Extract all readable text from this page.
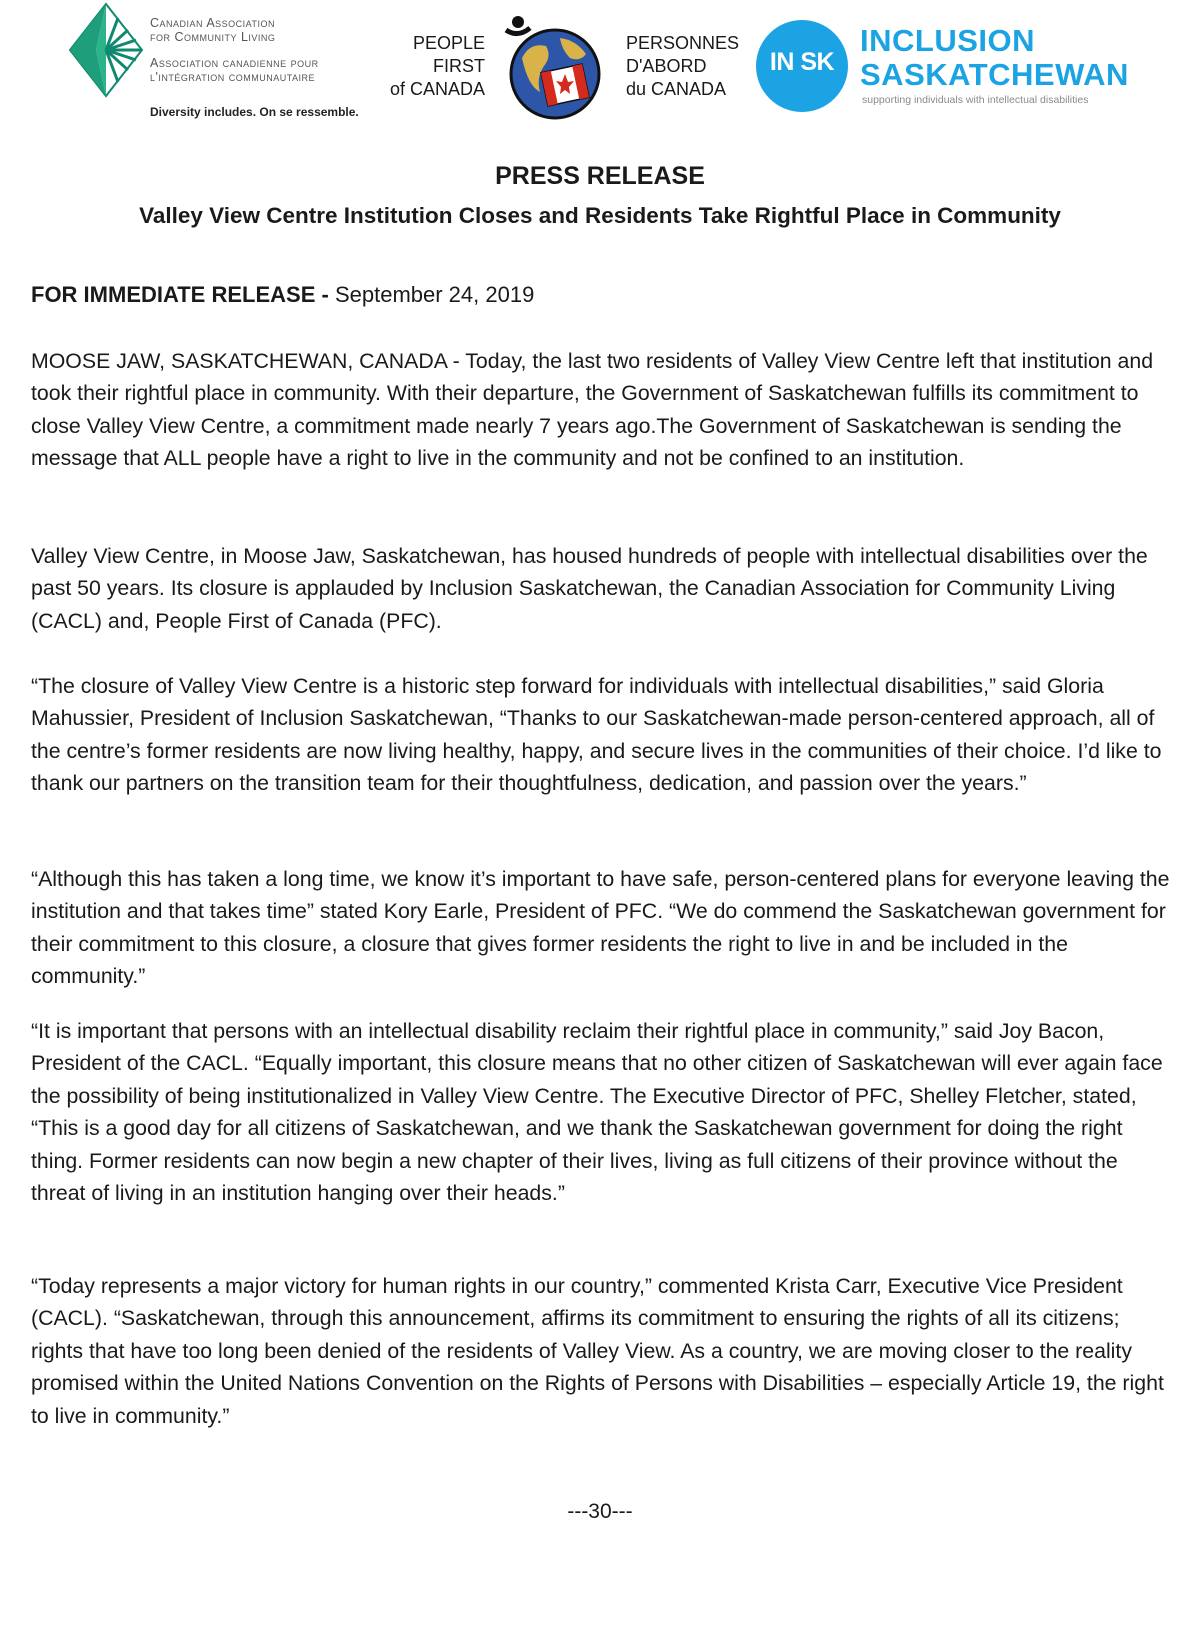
Canadian Association
for Community Living
Association canadienne pour
l'intégration communautaire
Diversity includes. On se ressemble.
PEOPLE
FIRST
of CANADA
PERSONNES
D'ABORD
du CANADA
IN SK
INCLUSION
SASKATCHEWAN
supporting individuals with intellectual disabilities
PRESS RELEASE
Valley View Centre Institution Closes and Residents Take Rightful Place in Community
FOR IMMEDIATE RELEASE - September 24, 2019

MOOSE JAW, SASKATCHEWAN, CANADA - Today, the last two residents of Valley View Centre left that institution and took their rightful place in community. With their departure, the Government of Saskatchewan fulfills its commitment to close Valley View Centre, a commitment made nearly 7 years ago.The Government of Saskatchewan is sending the message that ALL people have a right to live in the community and not be confined to an institution.

Valley View Centre, in Moose Jaw, Saskatchewan, has housed hundreds of people with intellectual disabilities over the past 50 years. Its closure is applauded by Inclusion Saskatchewan, the Canadian Association for Community Living (CACL) and, People First of Canada (PFC).

“The closure of Valley View Centre is a historic step forward for individuals with intellectual disabilities,” said Gloria Mahussier, President of Inclusion Saskatchewan, “Thanks to our Saskatchewan-made person-centered approach, all of the centre’s former residents are now living healthy, happy, and secure lives in the communities of their choice. I’d like to thank our partners on the transition team for their thoughtfulness, dedication, and passion over the years.”

“Although this has taken a long time, we know it’s important to have safe, person-centered plans for everyone leaving the institution and that takes time” stated Kory Earle, President of PFC. “We do commend the Saskatchewan government for their commitment to this closure, a closure that gives former residents the right to live in and be included in the community.”

“It is important that persons with an intellectual disability reclaim their rightful place in community,” said Joy Bacon, President of the CACL. “Equally important, this closure means that no other citizen of Saskatchewan will ever again face the possibility of being institutionalized in Valley View Centre. The Executive Director of PFC, Shelley Fletcher, stated, “This is a good day for all citizens of Saskatchewan, and we thank the Saskatchewan government for doing the right thing. Former residents can now begin a new chapter of their lives, living as full citizens of their province without the threat of living in an institution hanging over their heads.”

“Today represents a major victory for human rights in our country,” commented Krista Carr, Executive Vice President (CACL). “Saskatchewan, through this announcement, affirms its commitment to ensuring the rights of all its citizens; rights that have too long been denied of the residents of Valley View. As a country, we are moving closer to the reality promised within the United Nations Convention on the Rights of Persons with Disabilities – especially Article 19, the right to live in community.”

---30---
